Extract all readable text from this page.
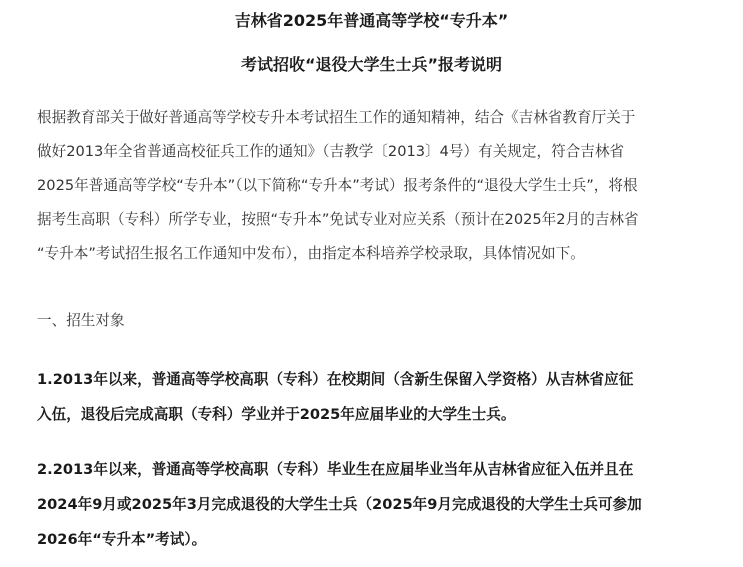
吉林省2025年普通高等学校“专升本”
考试招收“退役大学生士兵”报考说明
根据教育部关于做好普通高等学校专升本考试招生工作的通知精神，结合《吉林省教育厅关于
做好2013年全省普通高校征兵工作的通知》（吉教学〔2013〕4号）有关规定，符合吉林省
2025年普通高等学校“专升本”（以下简称“专升本”考试）报考条件的“退役大学生士兵”，将根
据考生高职（专科）所学专业，按照“专升本”免试专业对应关系（预计在2025年2月的吉林省
“专升本”考试招生报名工作通知中发布），由指定本科培养学校录取，具体情况如下。
一、招生对象
1.2013年以来，普通高等学校高职（专科）在校期间（含新生保留入学资格）从吉林省应征
入伍，退役后完成高职（专科）学业并于2025年应届毕业的大学生士兵。
2.2013年以来，普通高等学校高职（专科）毕业生在应届毕业当年从吉林省应征入伍并且在
2024年9月或2025年3月完成退役的大学生士兵（2025年9月完成退役的大学生士兵可参加
2026年“专升本”考试）。
